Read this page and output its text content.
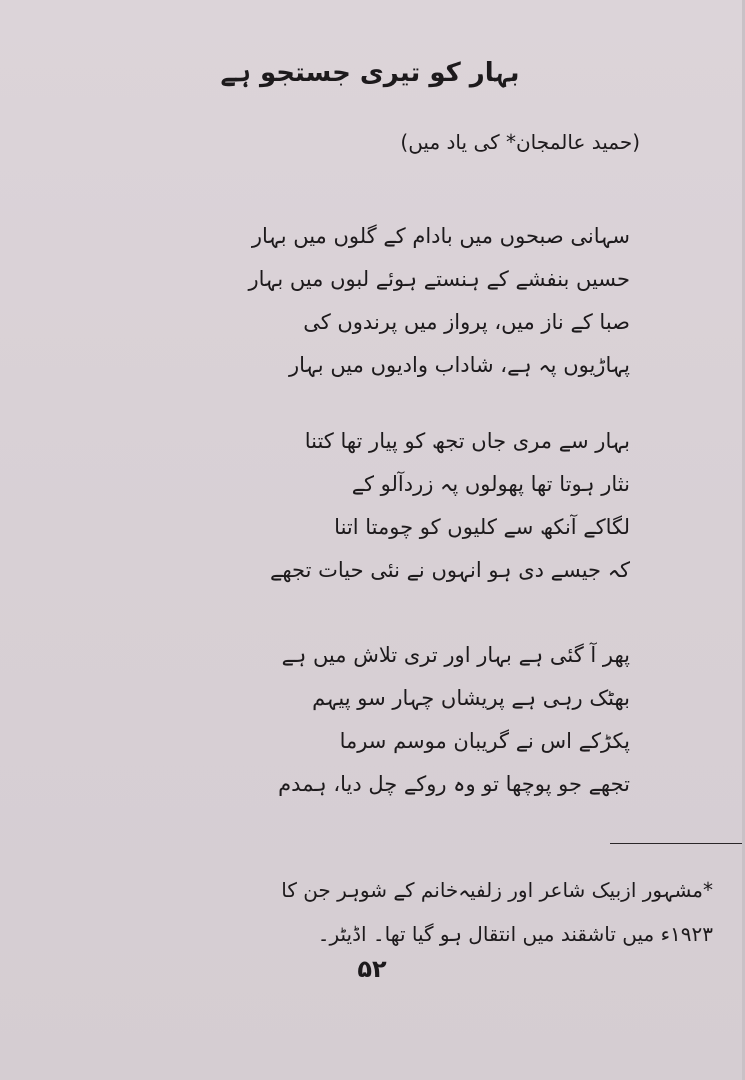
بہار کو تیری جستجو ہے
(حمید عالمجان* کی یاد میں)
سہانی صبحوں میں بادام کے گلوں میں بہار
حسیں بنفشے کے ہنستے ہوئے لبوں میں بہار
صبا کے ناز میں، پرواز میں پرندوں کی
پہاڑیوں پہ ہے، شاداب وادیوں میں بہار
بہار سے مری جاں تجھ کو پیار تھا کتنا
نثار ہوتا تھا پھولوں پہ زردآلو کے
لگاکے آنکھ سے کلیوں کو چومتا اتنا
کہ جیسے دی ہو انہوں نے نئی حیات تجھے
پھر آ گئی ہے بہار اور تری تلاش میں ہے
بھٹک رہی ہے پریشاں چہار سو پیہم
پکڑکے اس نے گریبان موسم سرما
تجھے جو پوچھا تو وہ روکے چل دیا، ہمدم
*مشہور ازبیک شاعر اور زلفیہ‌خانم کے شوہر جن کا
۱۹۲۳ء میں تاشقند میں انتقال ہو گیا تھا۔ اڈیٹر۔
۵۲
